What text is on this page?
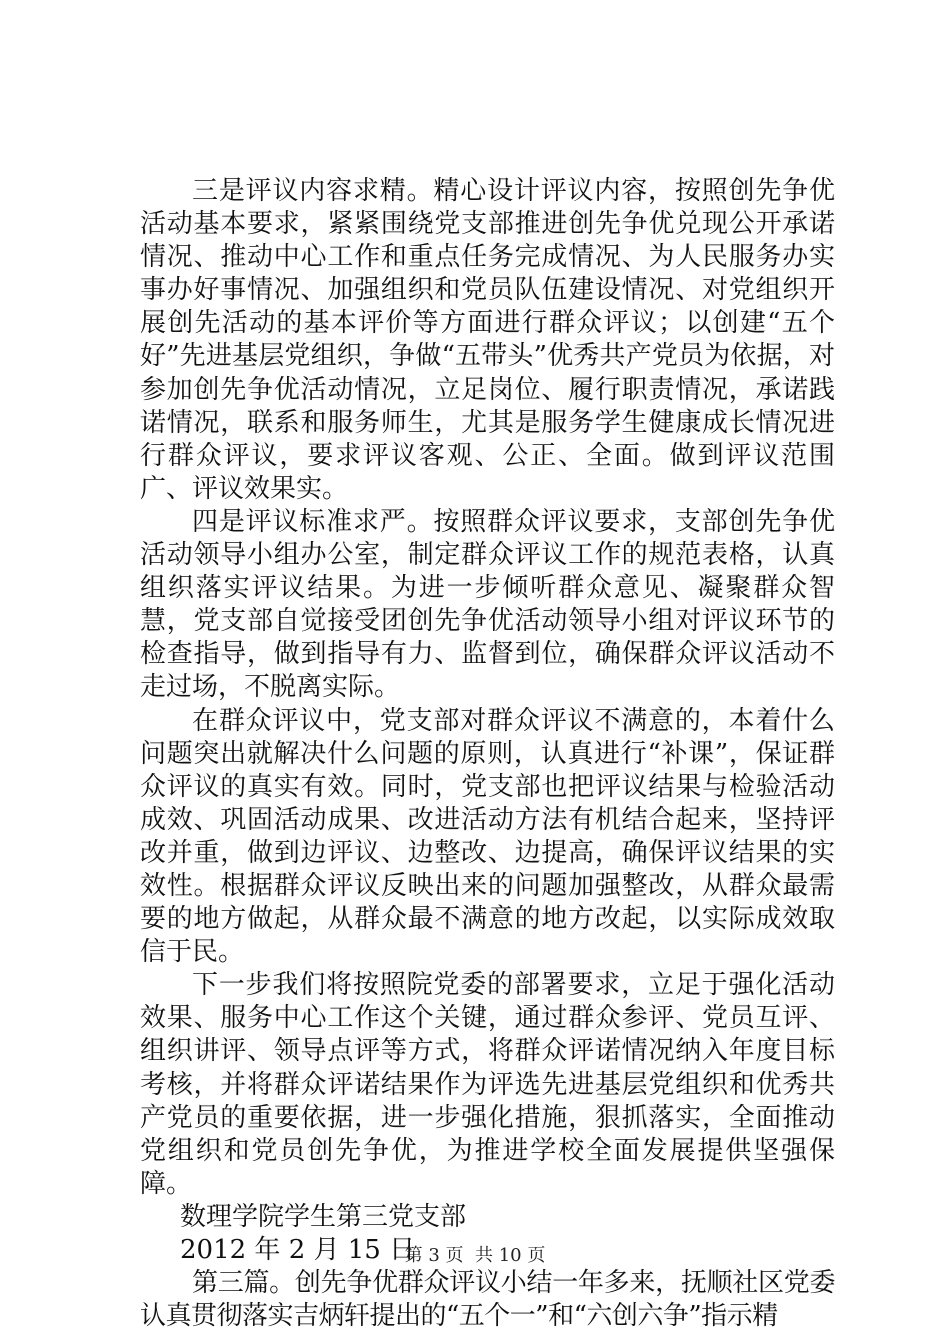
三是评议内容求精。精心设计评议内容，按照创先争优活动基本要求，紧紧围绕党支部推进创先争优兑现公开承诺情况、推动中心工作和重点任务完成情况、为人民服务办实事办好事情况、加强组织和党员队伍建设情况、对党组织开展创先活动的基本评价等方面进行群众评议；以创建“五个好”先进基层党组织，争做“五带头”优秀共产党员为依据，对参加创先争优活动情况，立足岗位、履行职责情况，承诺践诺情况，联系和服务师生，尤其是服务学生健康成长情况进行群众评议，要求评议客观、公正、全面。做到评议范围广、评议效果实。

四是评议标准求严。按照群众评议要求，支部创先争优活动领导小组办公室，制定群众评议工作的规范表格，认真组织落实评议结果。为进一步倾听群众意见、凝聚群众智慧，党支部自觉接受团创先争优活动领导小组对评议环节的检查指导，做到指导有力、监督到位，确保群众评议活动不走过场，不脱离实际。

在群众评议中，党支部对群众评议不满意的，本着什么问题突出就解决什么问题的原则，认真进行“补课”，保证群众评议的真实有效。同时，党支部也把评议结果与检验活动成效、巩固活动成果、改进活动方法有机结合起来，坚持评改并重，做到边评议、边整改、边提高，确保评议结果的实效性。根据群众评议反映出来的问题加强整改，从群众最需要的地方做起，从群众最不满意的地方改起，以实际成效取信于民。

下一步我们将按照院党委的部署要求，立足于强化活动效果、服务中心工作这个关键，通过群众参评、党员互评、组织讲评、领导点评等方式，将群众评诺情况纳入年度目标考核，并将群众评诺结果作为评选先进基层党组织和优秀共产党员的重要依据，进一步强化措施，狠抓落实，全面推动党组织和党员创先争优，为推进学校全面发展提供坚强保障。

数理学院学生第三党支部

2012 年 2 月 15 日

第三篇。创先争优群众评议小结一年多来，抚顺社区党委认真贯彻落实吉炳轩提出的“五个一”和“六创六争”指示精

第 3 页  共 10 页
